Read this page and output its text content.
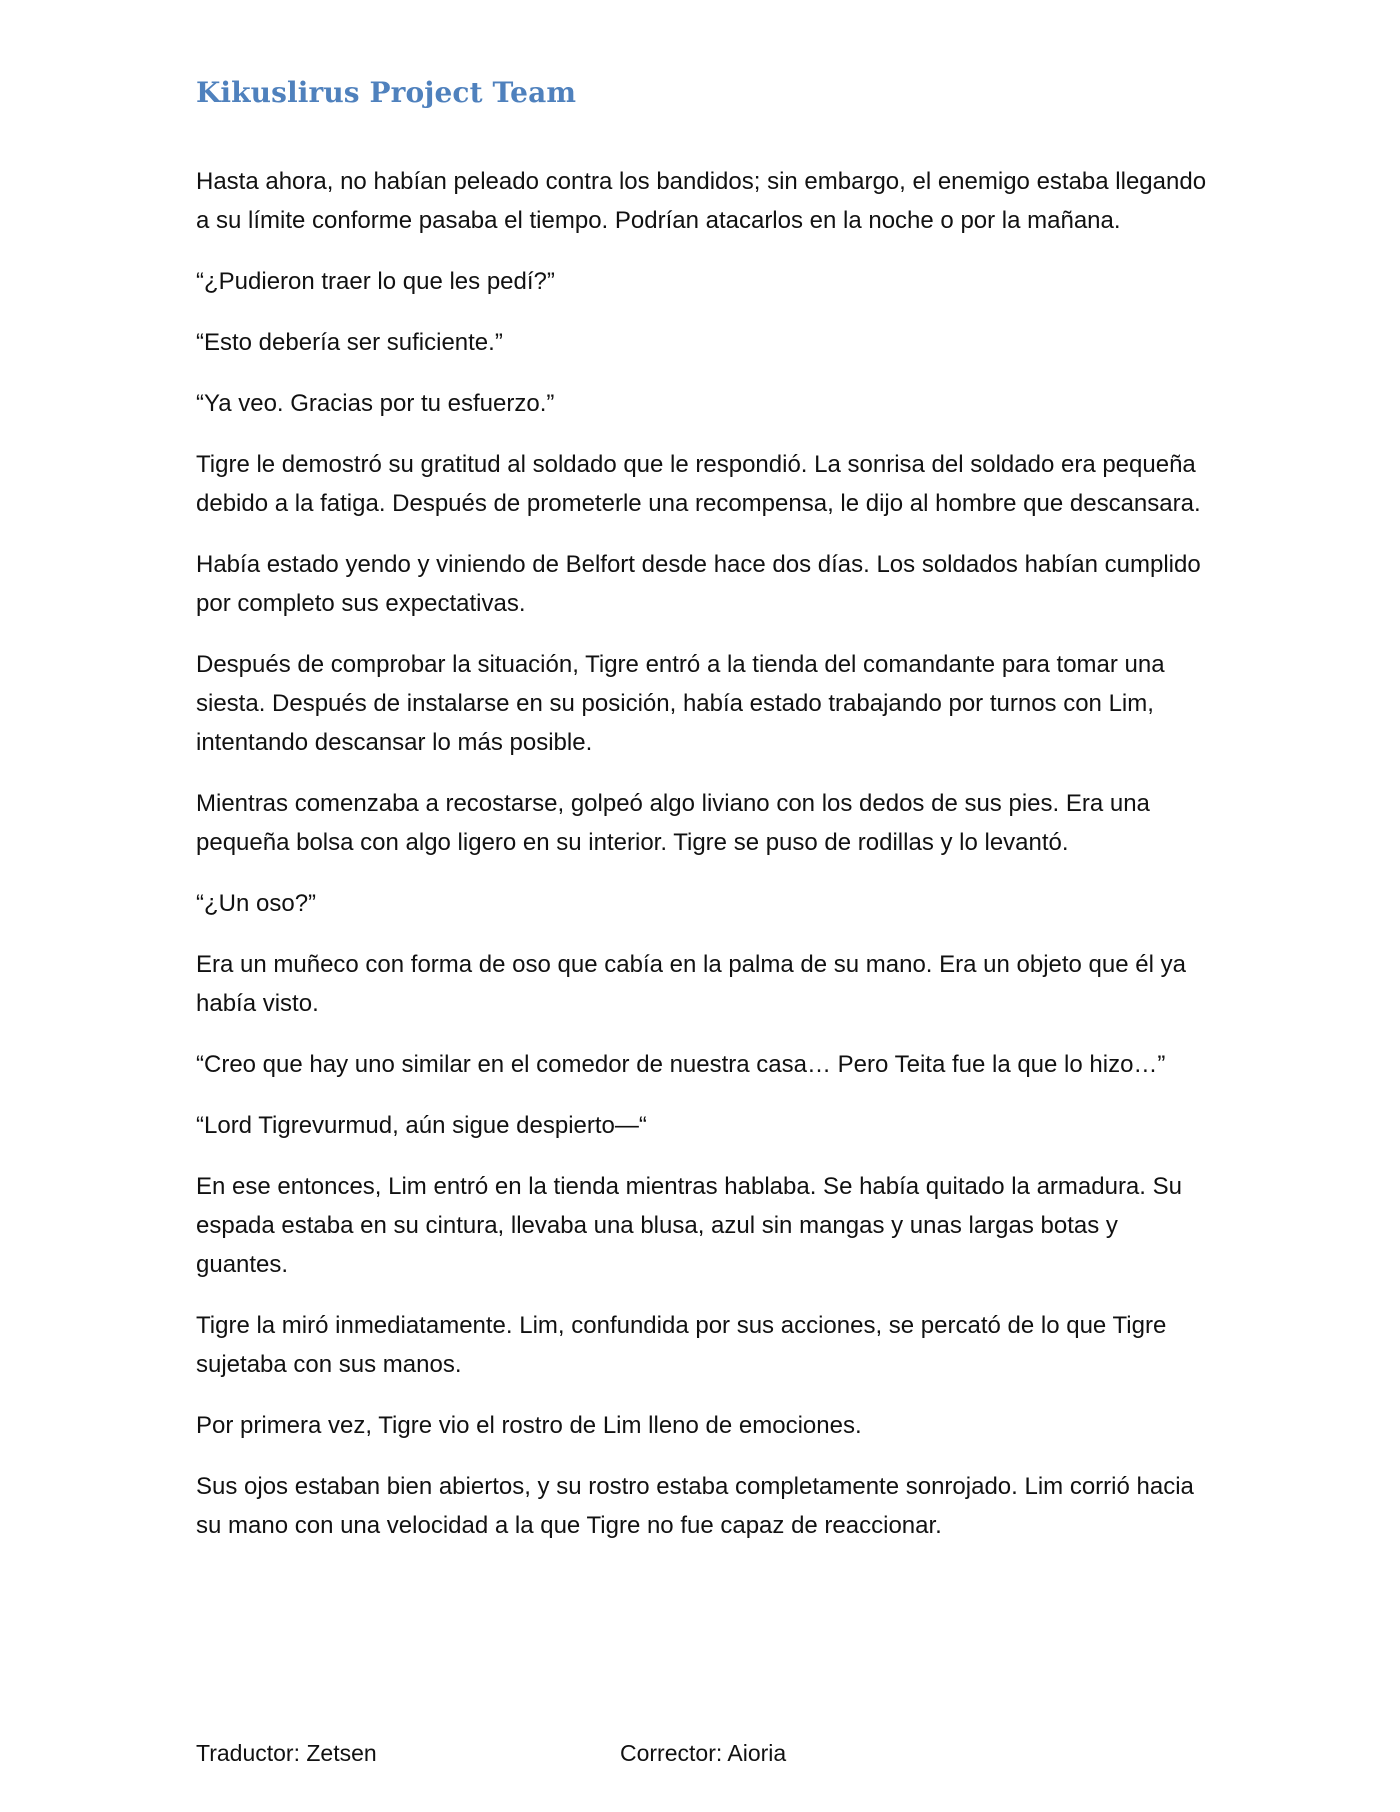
Kikuslirus Project Team

Hasta ahora, no habían peleado contra los bandidos; sin embargo, el enemigo estaba llegando a su límite conforme pasaba el tiempo. Podrían atacarlos en la noche o por la mañana.

“¿Pudieron traer lo que les pedí?”

“Esto debería ser suficiente.”

“Ya veo. Gracias por tu esfuerzo.”

Tigre le demostró su gratitud al soldado que le respondió. La sonrisa del soldado era pequeña debido a la fatiga. Después de prometerle una recompensa, le dijo al hombre que descansara.

Había estado yendo y viniendo de Belfort desde hace dos días. Los soldados habían cumplido por completo sus expectativas.

Después de comprobar la situación, Tigre entró a la tienda del comandante para tomar una siesta. Después de instalarse en su posición, había estado trabajando por turnos con Lim, intentando descansar lo más posible.

Mientras comenzaba a recostarse, golpeó algo liviano con los dedos de sus pies. Era una pequeña bolsa con algo ligero en su interior. Tigre se puso de rodillas y lo levantó.

“¿Un oso?”

Era un muñeco con forma de oso que cabía en la palma de su mano. Era un objeto que él ya había visto.

“Creo que hay uno similar en el comedor de nuestra casa… Pero Teita fue la que lo hizo…”

“Lord Tigrevurmud, aún sigue despierto—“

En ese entonces, Lim entró en la tienda mientras hablaba. Se había quitado la armadura. Su espada estaba en su cintura, llevaba una blusa, azul sin mangas y unas largas botas y guantes.

Tigre la miró inmediatamente. Lim, confundida por sus acciones, se percató de lo que Tigre sujetaba con sus manos.

Por primera vez, Tigre vio el rostro de Lim lleno de emociones.

Sus ojos estaban bien abiertos, y su rostro estaba completamente sonrojado. Lim corrió hacia su mano con una velocidad a la que Tigre no fue capaz de reaccionar.

Traductor: Zetsen	Corrector: Aioria
